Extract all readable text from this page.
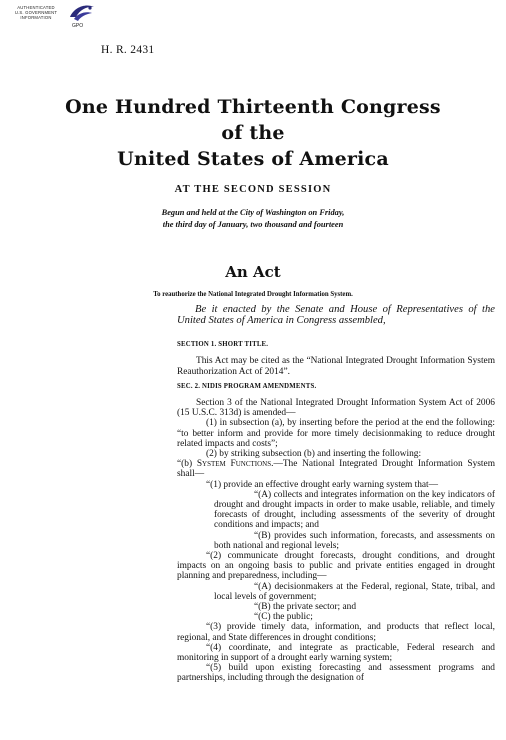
AUTHENTICATED
U.S. GOVERNMENT
INFORMATION
GPO
H. R. 2431
One Hundred Thirteenth Congress
of the
United States of America
AT THE SECOND SESSION
Begun and held at the City of Washington on Friday,
the third day of January, two thousand and fourteen
An Act
To reauthorize the National Integrated Drought Information System.

Be it enacted by the Senate and House of Representatives of the United States of America in Congress assembled,

SECTION 1. SHORT TITLE.

This Act may be cited as the “National Integrated Drought Information System Reauthorization Act of 2014”.

SEC. 2. NIDIS PROGRAM AMENDMENTS.

Section 3 of the National Integrated Drought Information System Act of 2006 (15 U.S.C. 313d) is amended—

(1) in subsection (a), by inserting before the period at the end the following: “to better inform and provide for more timely decisionmaking to reduce drought related impacts and costs”;

(2) by striking subsection (b) and inserting the following:

“(b) System Functions.—The National Integrated Drought Information System shall—

“(1) provide an effective drought early warning system that—

“(A) collects and integrates information on the key indicators of drought and drought impacts in order to make usable, reliable, and timely forecasts of drought, including assessments of the severity of drought conditions and impacts; and

“(B) provides such information, forecasts, and assessments on both national and regional levels;

“(2) communicate drought forecasts, drought conditions, and drought impacts on an ongoing basis to public and private entities engaged in drought planning and preparedness, including—

“(A) decisionmakers at the Federal, regional, State, tribal, and local levels of government;

“(B) the private sector; and

“(C) the public;

“(3) provide timely data, information, and products that reflect local, regional, and State differences in drought conditions;

“(4) coordinate, and integrate as practicable, Federal research and monitoring in support of a drought early warning system;

“(5) build upon existing forecasting and assessment programs and partnerships, including through the designation of
